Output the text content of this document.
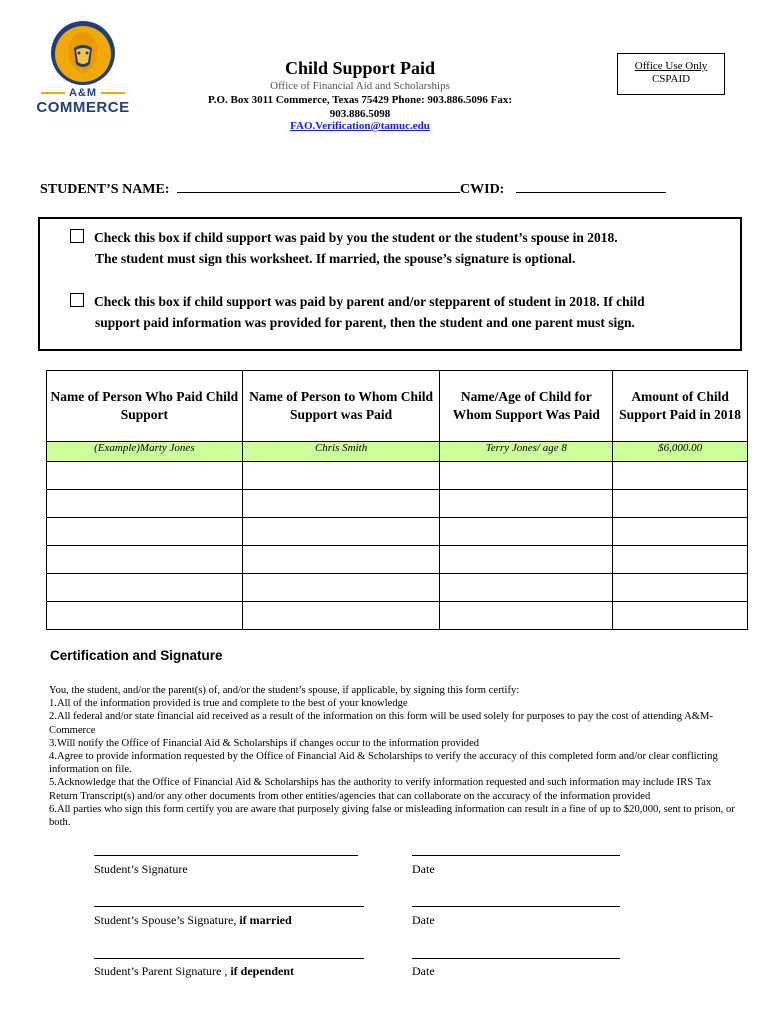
A&M
COMMERCE
Child Support Paid
Office of Financial Aid and Scholarships
P.O. Box 3011 Commerce, Texas 75429 Phone: 903.886.5096 Fax: 903.886.5098
FAO.Verification@tamuc.edu
Office Use Only
CSPAID
STUDENT’S NAME:	CWID:
Check this box if child support was paid by you the student or the student’s spouse in 2018.
The student must sign this worksheet. If married, the spouse’s signature is optional.
Check this box if child support was paid by parent and/or stepparent of student in 2018. If child
support paid information was provided for parent, then the student and one parent must sign.
Name of Person Who Paid Child Support	Name of Person to Whom Child Support was Paid	Name/Age of Child for Whom Support Was Paid	Amount of Child Support Paid in 2018
(Example)Marty Jones	Chris Smith	Terry Jones/ age 8	$6,000.00

Certification and Signature
You, the student, and/or the parent(s) of, and/or the student’s spouse, if applicable, by signing this form certify:
1.All of the information provided is true and complete to the best of your knowledge
2.All federal and/or state financial aid received as a result of the information on this form will be used solely for purposes to pay the cost of attending A&M-Commerce
3.Will notify the Office of Financial Aid & Scholarships if changes occur to the information provided
4.Agree to provide information requested by the Office of Financial Aid & Scholarships to verify the accuracy of this completed form and/or clear conflicting information on file.
5.Acknowledge that the Office of Financial Aid & Scholarships has the authority to verify information requested and such information may include IRS Tax Return Transcript(s) and/or any other documents from other entities/agencies that can collaborate on the accuracy of the information provided
6.All parties who sign this form certify you are aware that purposely giving false or misleading information can result in a fine of up to $20,000, sent to prison, or both.
Student’s Signature	Date
Student’s Spouse’s Signature, if married	Date
Student’s Parent Signature , if dependent	Date
